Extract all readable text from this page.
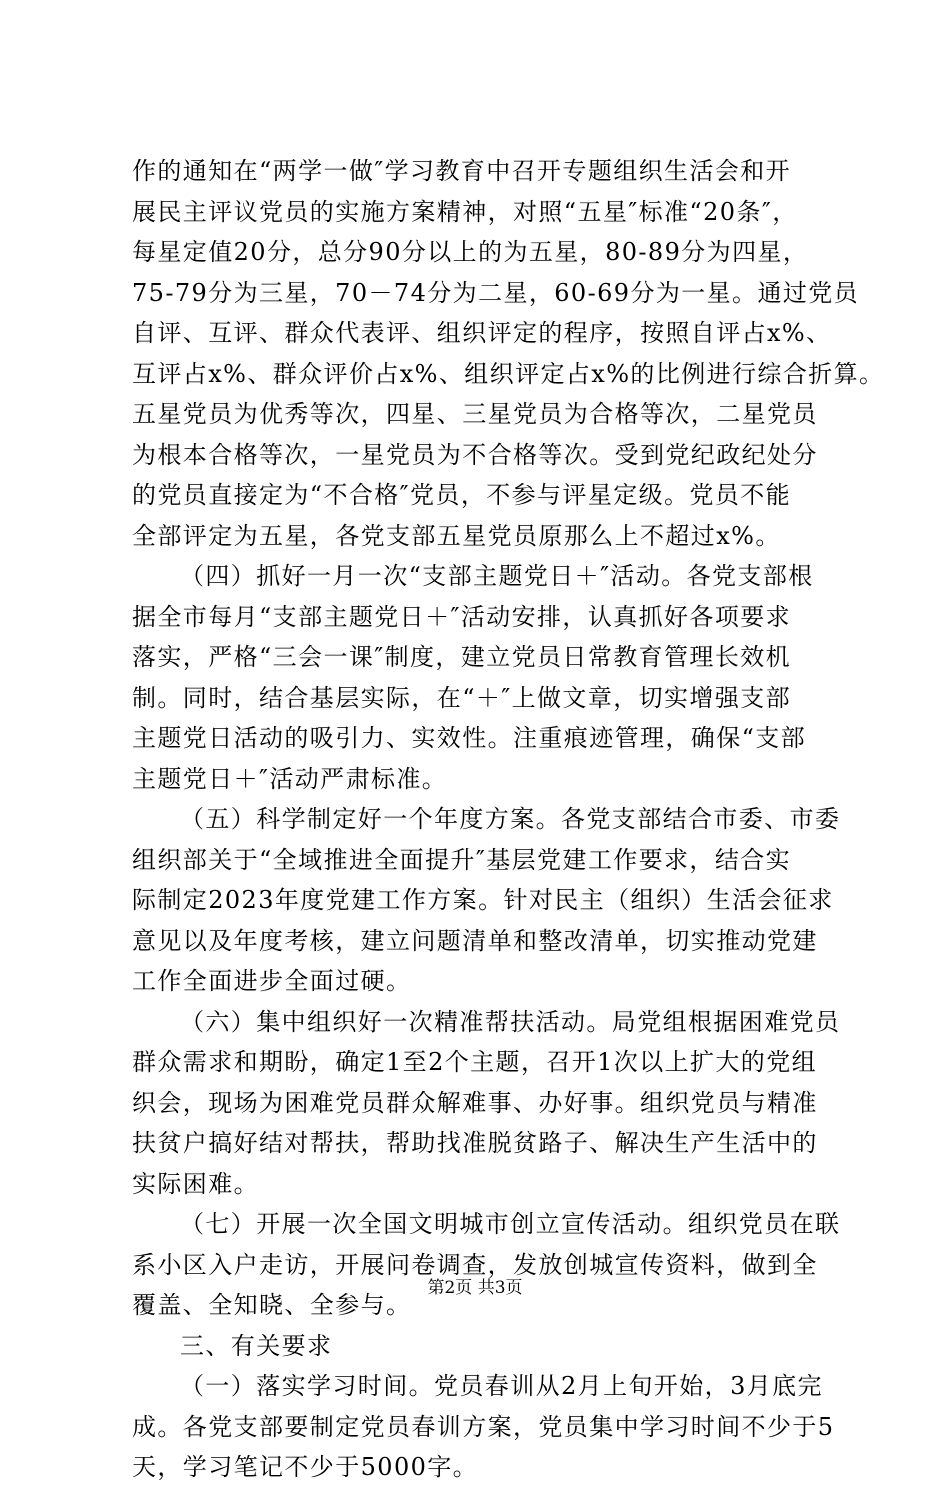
作的通知在“两学一做″学习教育中召开专题组织生活会和开
展民主评议党员的实施方案精神，对照“五星″标准“20条″，
每星定值20分，总分90分以上的为五星，80-89分为四星，
75-79分为三星，70－74分为二星，60-69分为一星。通过党员
自评、互评、群众代表评、组织评定的程序，按照自评占x%、
互评占x%、群众评价占x%、组织评定占x%的比例进行综合折算。
五星党员为优秀等次，四星、三星党员为合格等次，二星党员
为根本合格等次，一星党员为不合格等次。受到党纪政纪处分
的党员直接定为“不合格″党员，不参与评星定级。党员不能
全部评定为五星，各党支部五星党员原那么上不超过x%。
（四）抓好一月一次“支部主题党日＋″活动。各党支部根
据全市每月“支部主题党日＋″活动安排，认真抓好各项要求
落实，严格“三会一课″制度，建立党员日常教育管理长效机
制。同时，结合基层实际，在“＋″上做文章，切实增强支部
主题党日活动的吸引力、实效性。注重痕迹管理，确保“支部
主题党日＋″活动严肃标准。
（五）科学制定好一个年度方案。各党支部结合市委、市委
组织部关于“全域推进全面提升″基层党建工作要求，结合实
际制定2023年度党建工作方案。针对民主（组织）生活会征求
意见以及年度考核，建立问题清单和整改清单，切实推动党建
工作全面进步全面过硬。
（六）集中组织好一次精准帮扶活动。局党组根据困难党员
群众需求和期盼，确定1至2个主题，召开1次以上扩大的党组
织会，现场为困难党员群众解难事、办好事。组织党员与精准
扶贫户搞好结对帮扶，帮助找准脱贫路子、解决生产生活中的
实际困难。
（七）开展一次全国文明城市创立宣传活动。组织党员在联
系小区入户走访，开展问卷调查，发放创城宣传资料，做到全
覆盖、全知晓、全参与。
三、有关要求
（一）落实学习时间。党员春训从2月上旬开始，3月底完
成。各党支部要制定党员春训方案，党员集中学习时间不少于5
天，学习笔记不少于5000字。
第2页 共3页
